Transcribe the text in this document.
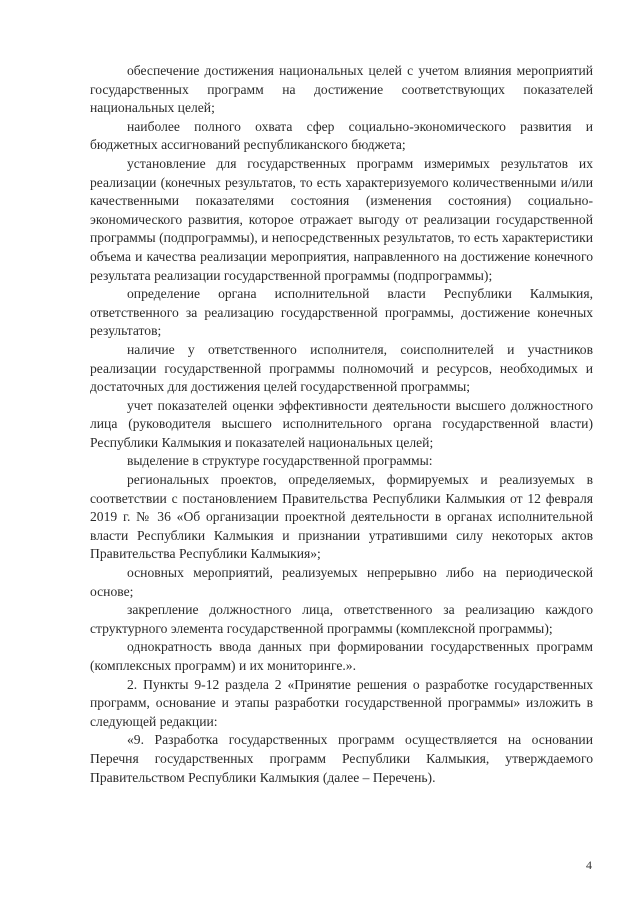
обеспечение достижения национальных целей с учетом влияния мероприятий государственных программ на достижение соответствующих показателей национальных целей;

наиболее полного охвата сфер социально-экономического развития и бюджетных ассигнований республиканского бюджета;

установление для государственных программ измеримых результатов их реализации (конечных результатов, то есть характеризуемого количественными и/или качественными показателями состояния (изменения состояния) социально-экономического развития, которое отражает выгоду от реализации государственной программы (подпрограммы), и непосредственных результатов, то есть характеристики объема и качества реализации мероприятия, направленного на достижение конечного результата реализации государственной программы (подпрограммы);

определение органа исполнительной власти Республики Калмыкия, ответственного за реализацию государственной программы, достижение конечных результатов;

наличие у ответственного исполнителя, соисполнителей и участников реализации государственной программы полномочий и ресурсов, необходимых и достаточных для достижения целей государственной программы;

учет показателей оценки эффективности деятельности высшего должностного лица (руководителя высшего исполнительного органа государственной власти) Республики Калмыкия и показателей национальных целей;

выделение в структуре государственной программы:

региональных проектов, определяемых, формируемых и реализуемых в соответствии с постановлением Правительства Республики Калмыкия от 12 февраля 2019 г. № 36 «Об организации проектной деятельности в органах исполнительной власти Республики Калмыкия и признании утратившими силу некоторых актов Правительства Республики Калмыкия»;

основных мероприятий, реализуемых непрерывно либо на периодической основе;

закрепление должностного лица, ответственного за реализацию каждого структурного элемента государственной программы (комплексной программы);

однократность ввода данных при формировании государственных программ (комплексных программ) и их мониторинге.».

2. Пункты 9-12 раздела 2 «Принятие решения о разработке государственных программ, основание и этапы разработки государственной программы» изложить в следующей редакции:

«9. Разработка государственных программ осуществляется на основании Перечня государственных программ Республики Калмыкия, утверждаемого Правительством Республики Калмыкия (далее – Перечень).

4
